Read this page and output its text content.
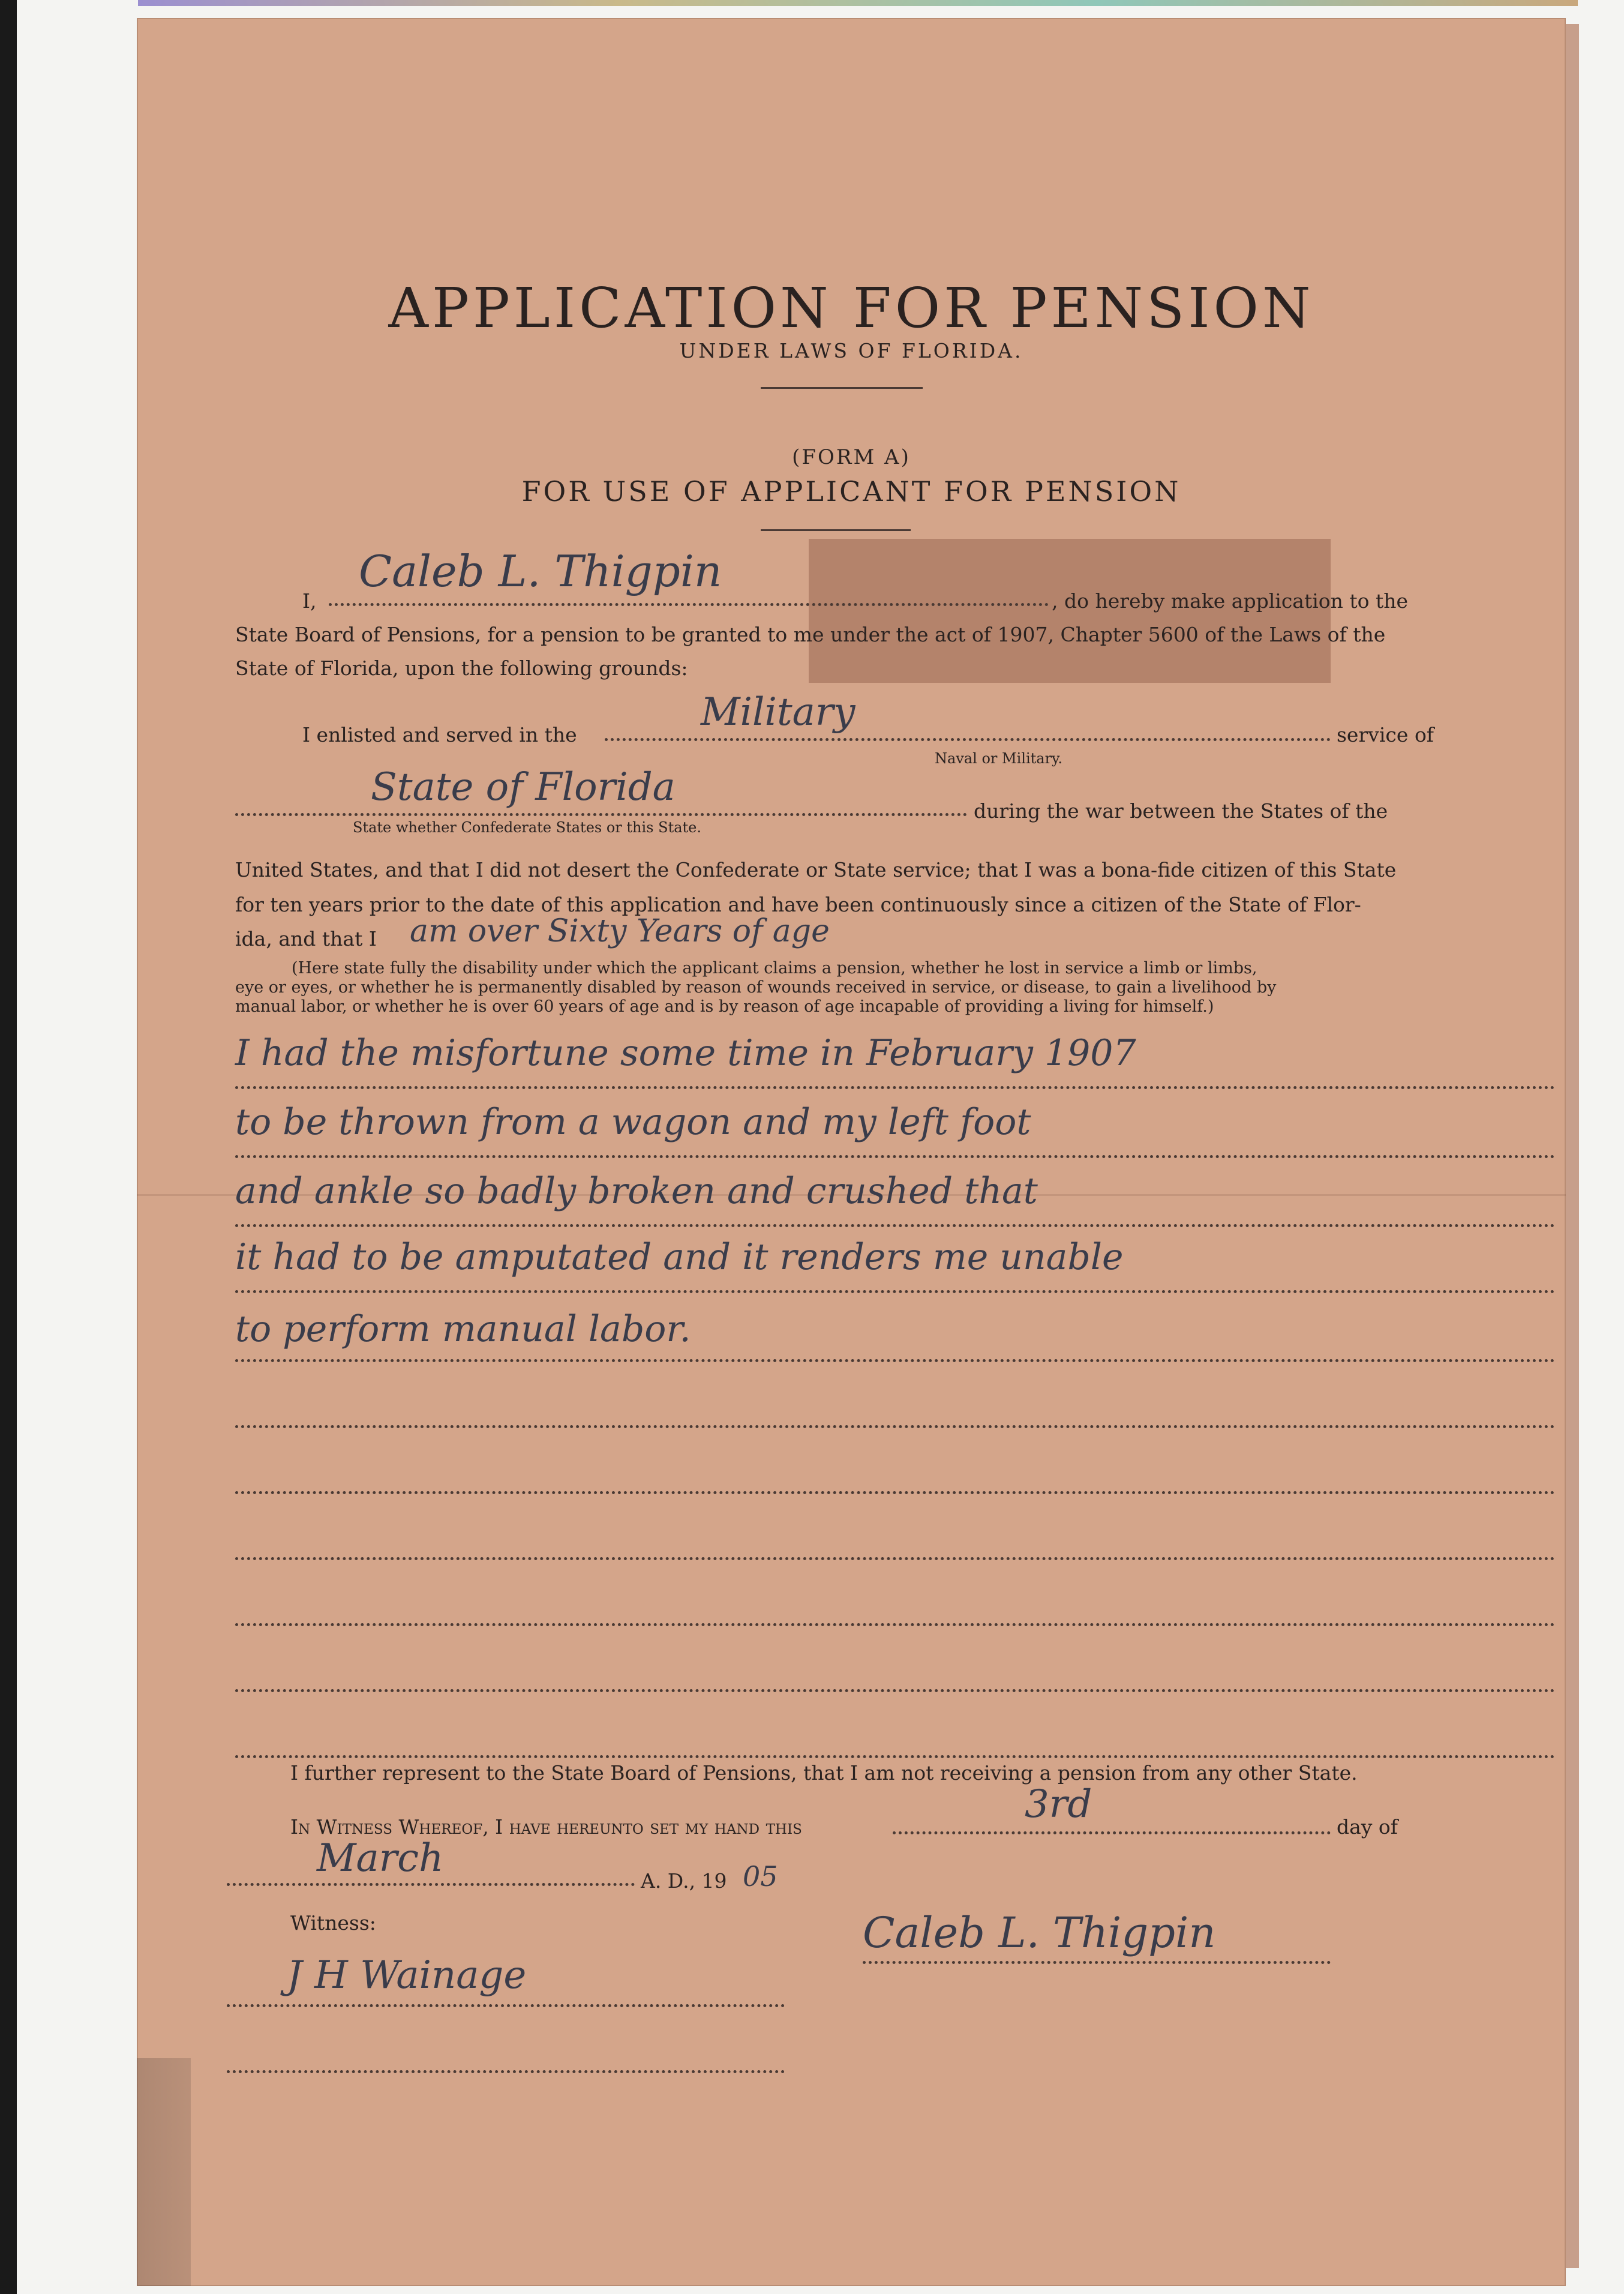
APPLICATION FOR PENSION
UNDER LAWS OF FLORIDA.
(FORM A)
FOR USE OF APPLICANT FOR PENSION
I,
Caleb L. Thigpin
, do hereby make application to the
State Board of Pensions, for a pension to be granted to me under the act of 1907, Chapter 5600 of the Laws of the
State of Florida, upon the following grounds:
I enlisted and served in the
Military
service of
Naval or Military.
State of Florida
during the war between the States of the
State whether Confederate States or this State.
United States, and that I did not desert the Confederate or State service; that I was a bona-fide citizen of this State
for ten years prior to the date of this application and have been continuously since a citizen of the State of Flor-
ida, and that I am over Sixty Years of age
(Here state fully the disability under which the applicant claims a pension, whether he lost in service a limb or limbs,
eye or eyes, or whether he is permanently disabled by reason of wounds received in service, or disease, to gain a livelihood by
manual labor, or whether he is over 60 years of age and is by reason of age incapable of providing a living for himself.)
I had the misfortune some time in February 1907
to be thrown from a wagon and my left foot
and ankle so badly broken and crushed that
it had to be amputated and it renders me unable
to perform manual labor.
I further represent to the State Board of Pensions, that I am not receiving a pension from any other State.
In Witness Whereof, I have hereunto set my hand this
3rd
day of
March
A. D., 19 05
Witness:	Caleb L. Thigpin
J H Wainage
